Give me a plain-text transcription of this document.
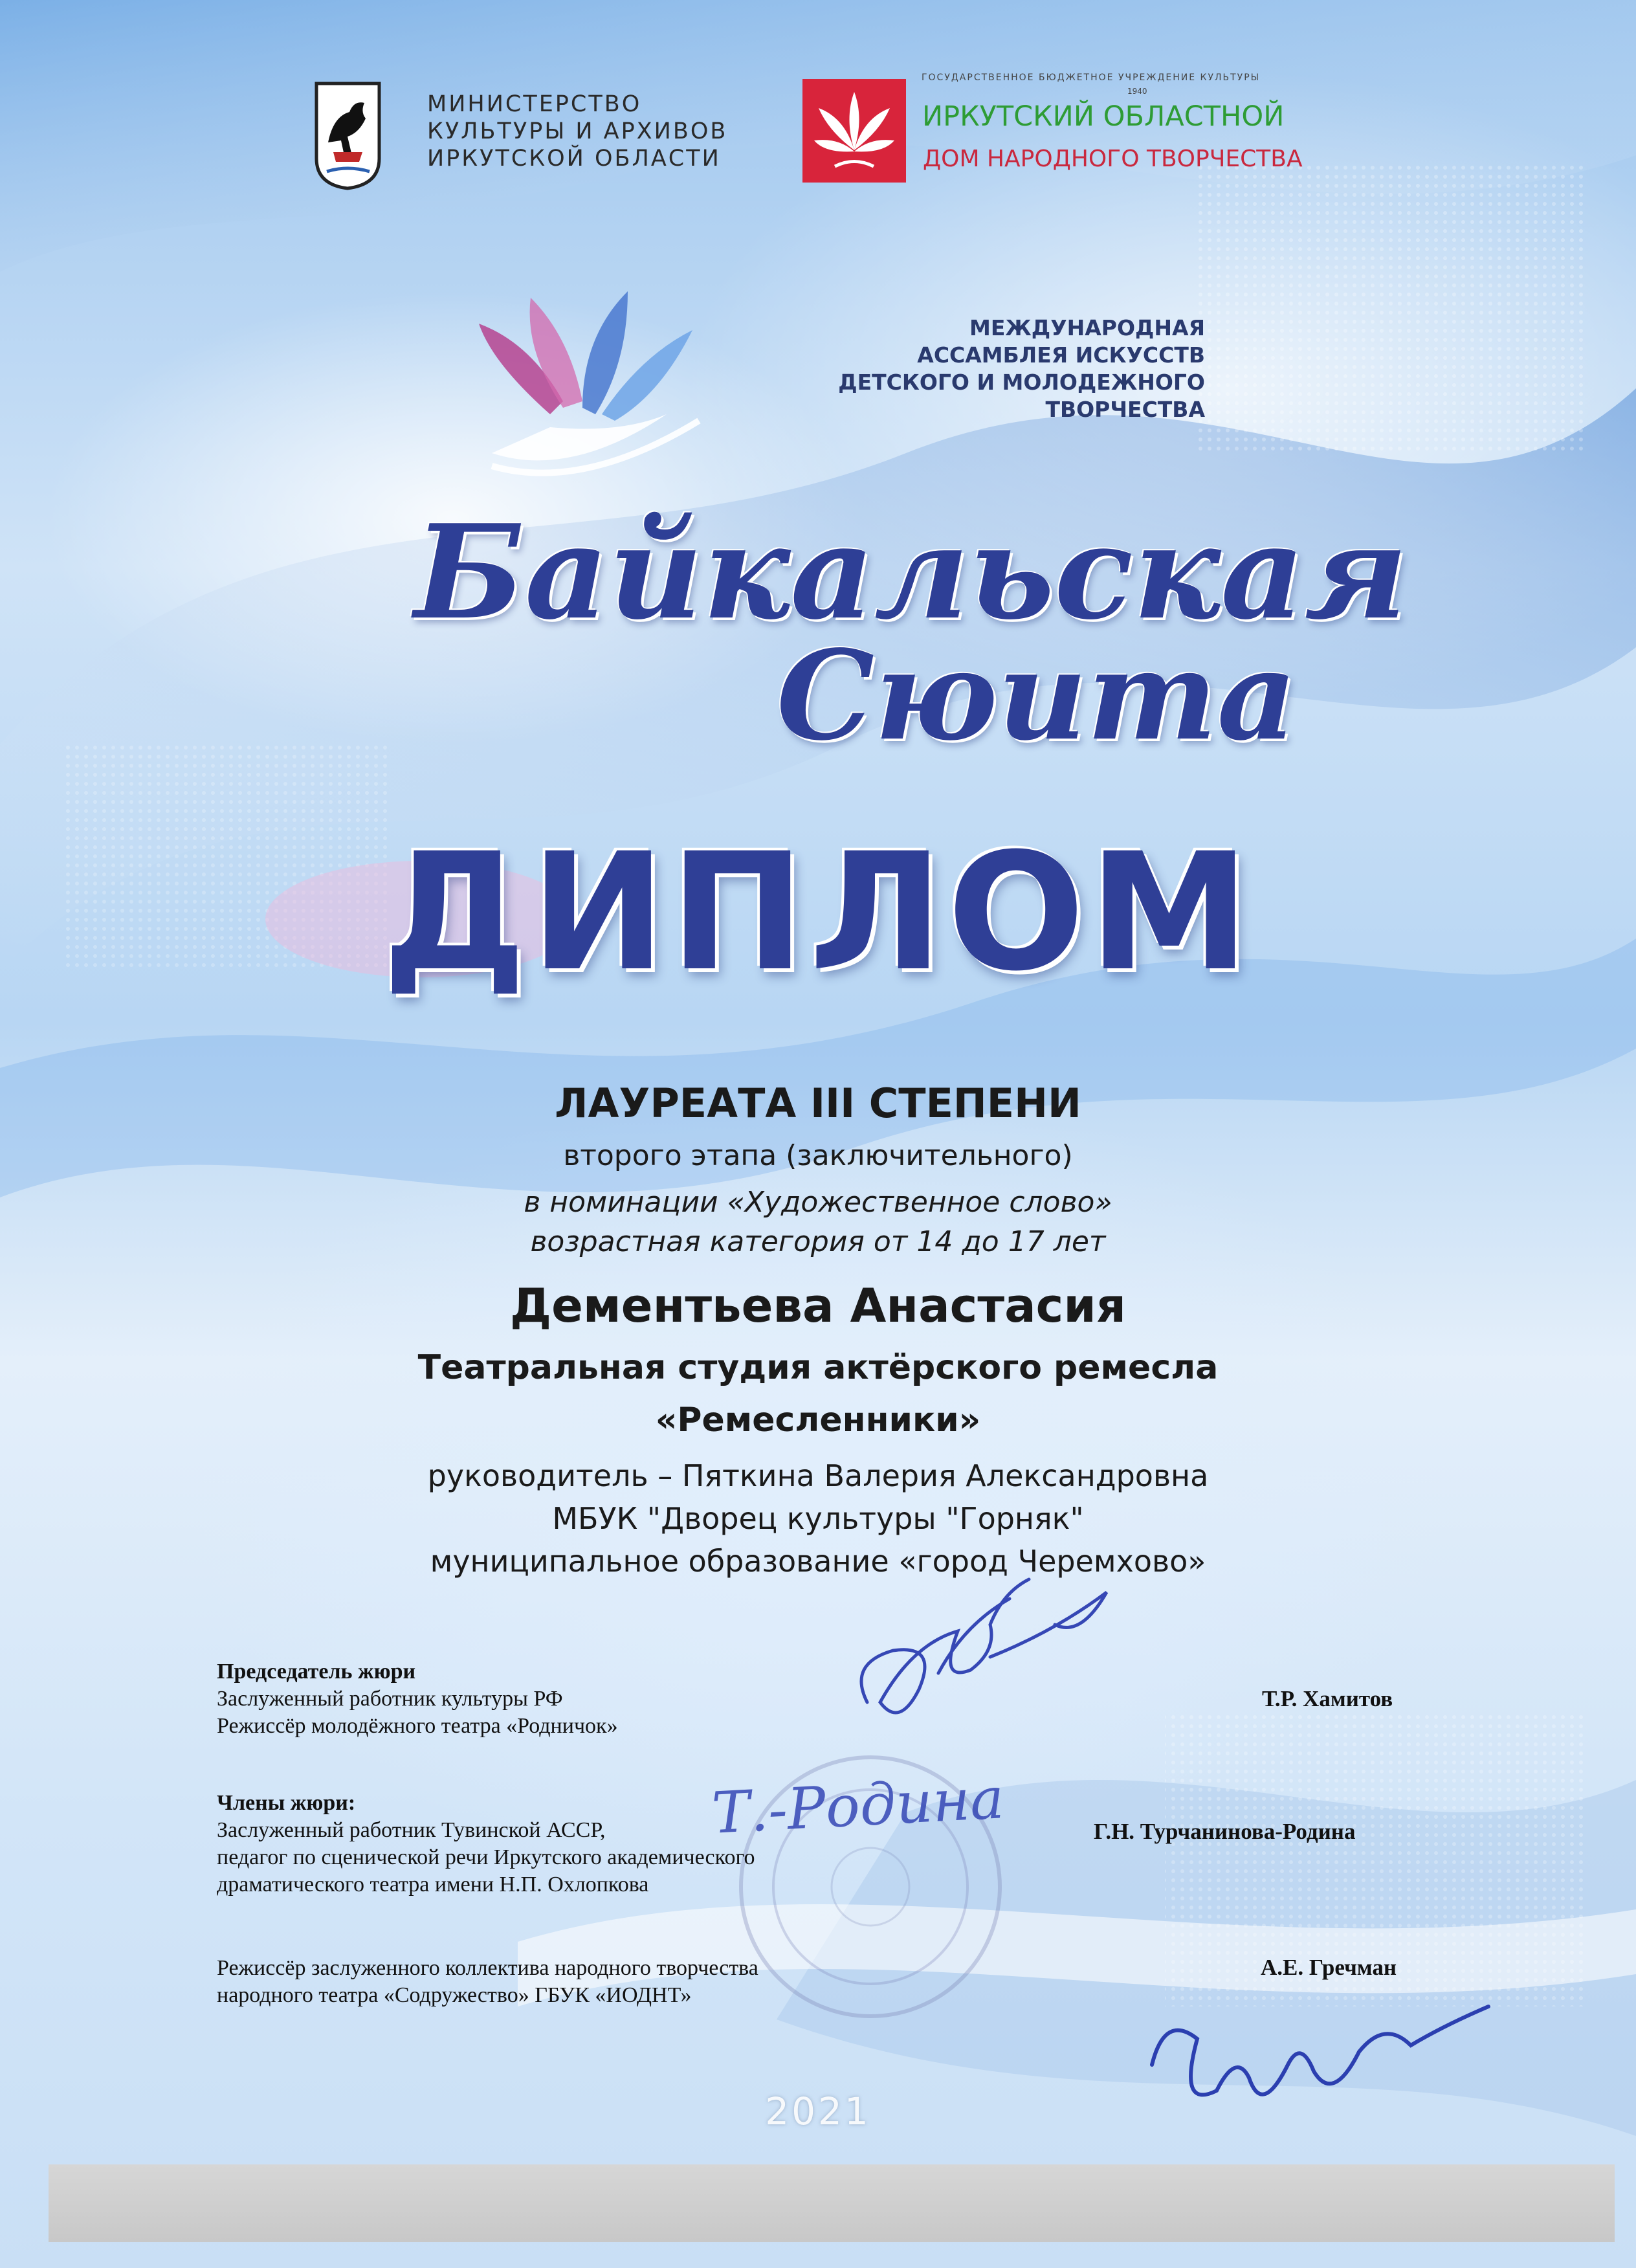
МИНИСТЕРСТВО
КУЛЬТУРЫ И АРХИВОВ
ИРКУТСКОЙ ОБЛАСТИ
ГОСУДАРСТВЕННОЕ БЮДЖЕТНОЕ УЧРЕЖДЕНИЕ КУЛЬТУРЫ
1940
ИРКУТСКИЙ ОБЛАСТНОЙ
ДОМ НАРОДНОГО ТВОРЧЕСТВА
МЕЖДУНАРОДНАЯ
АССАМБЛЕЯ ИСКУССТВ
ДЕТСКОГО И МОЛОДЕЖНОГО
ТВОРЧЕСТВА
Байкальская
Сюита
ДИПЛОМ
ЛАУРЕАТА III СТЕПЕНИ
второго этапа (заключительного)
в номинации «Художественное слово»
возрастная категория от 14 до 17 лет
Дементьева Анастасия
Театральная студия актёрского ремесла
«Ремесленники»
руководитель – Пяткина Валерия Александровна
МБУК "Дворец культуры "Горняк"
муниципальное образование «город Черемхово»
Председатель жюри
Заслуженный работник культуры РФ
Режиссёр молодёжного театра «Родничок»
Т.Р. Хамитов
Члены жюри:
Заслуженный работник Тувинской АССР,
педагог по сценической речи Иркутского академического
драматического театра имени Н.П. Охлопкова
Г.Н. Турчанинова-Родина
Режиссёр заслуженного коллектива народного творчества
народного театра «Содружество» ГБУК «ИОДНТ»
А.Е. Гречман
Т.-Родина
2021
